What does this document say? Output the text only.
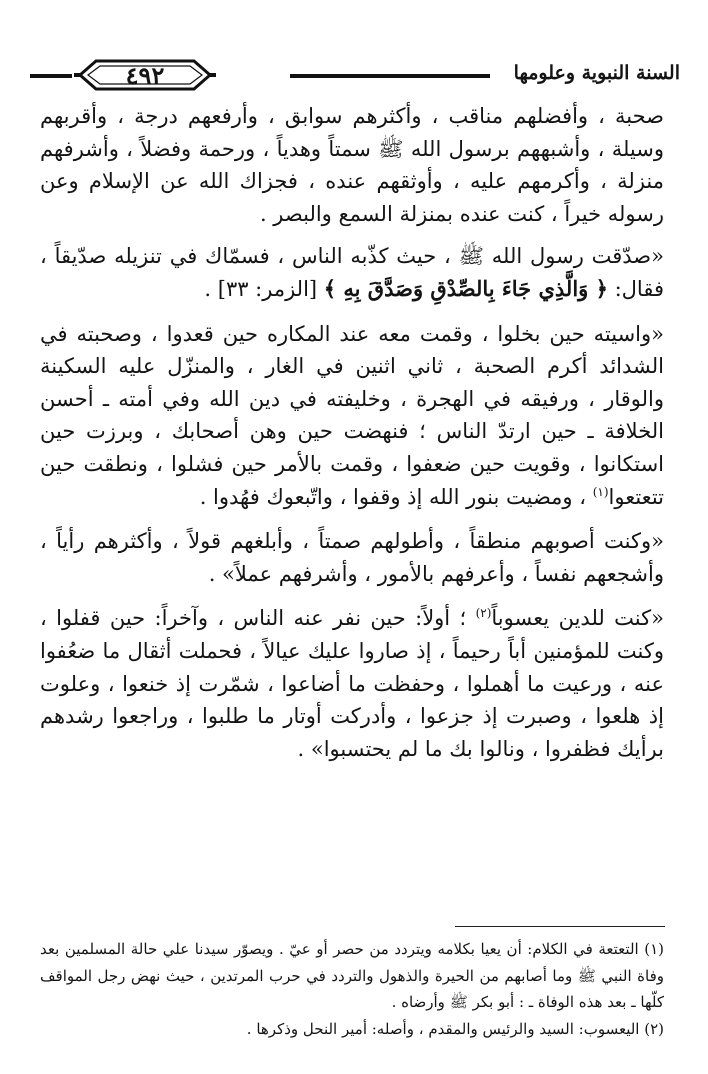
السنة النبوية وعلومها
٤٩٢

صحبة ، وأفضلهم مناقب ، وأكثرهم سوابق ، وأرفعهم درجة ، وأقربهم وسيلة ، وأشبههم برسول الله ﷺ سمتاً وهدياً ، ورحمة وفضلاً ، وأشرفهم منزلة ، وأكرمهم عليه ، وأوثقهم عنده ، فجزاك الله عن الإسلام وعن رسوله خيراً ، كنت عنده بمنزلة السمع والبصر .

«صدّقت رسول الله ﷺ ، حيث كذّبه الناس ، فسمّاك في تنزيله صدّيقاً ، فقال: ﴿ وَالَّذِي جَاءَ بِالصِّدْقِ وَصَدَّقَ بِهِ ﴾ [الزمر: ٣٣] .

«واسيته حين بخلوا ، وقمت معه عند المكاره حين قعدوا ، وصحبته في الشدائد أكرم الصحبة ، ثاني اثنين في الغار ، والمنزّل عليه السكينة والوقار ، ورفيقه في الهجرة ، وخليفته في دين الله وفي أمته ـ أحسن الخلافة ـ حين ارتدّ الناس ؛ فنهضت حين وهن أصحابك ، وبرزت حين استكانوا ، وقويت حين ضعفوا ، وقمت بالأمر حين فشلوا ، ونطقت حين تتعتعوا$^{(١)}$ ، ومضيت بنور الله إذ وقفوا ، واتّبعوك فهُدوا .

«وكنت أصوبهم منطقاً ، وأطولهم صمتاً ، وأبلغهم قولاً ، وأكثرهم رأياً ، وأشجعهم نفساً ، وأعرفهم بالأمور ، وأشرفهم عملاً» .

«كنت للدين يعسوباً$^{(٢)}$ ؛ أولاً: حين نفر عنه الناس ، وآخراً: حين قفلوا ، وكنت للمؤمنين أباً رحيماً ، إذ صاروا عليك عيالاً ، فحملت أثقال ما ضعُفوا عنه ، ورعيت ما أهملوا ، وحفظت ما أضاعوا ، شمّرت إذ خنعوا ، وعلوت إذ هلعوا ، وصبرت إذ جزعوا ، وأدركت أوتار ما طلبوا ، وراجعوا رشدهم برأيك فظفروا ، ونالوا بك ما لم يحتسبوا» .

(١) التعتعة في الكلام: أن يعيا بكلامه ويتردد من حصر أو عيّ . ويصوّر سيدنا علي حالة المسلمين بعد وفاة النبي ﷺ وما أصابهم من الحيرة والذهول والتردد في حرب المرتدين ، حيث نهض رجل المواقف كلّها ـ بعد هذه الوفاة ـ : أبو بكر ﷺ وأرضاه .

(٢) اليعسوب: السيد والرئيس والمقدم ، وأصله: أمير النحل وذكرها .
